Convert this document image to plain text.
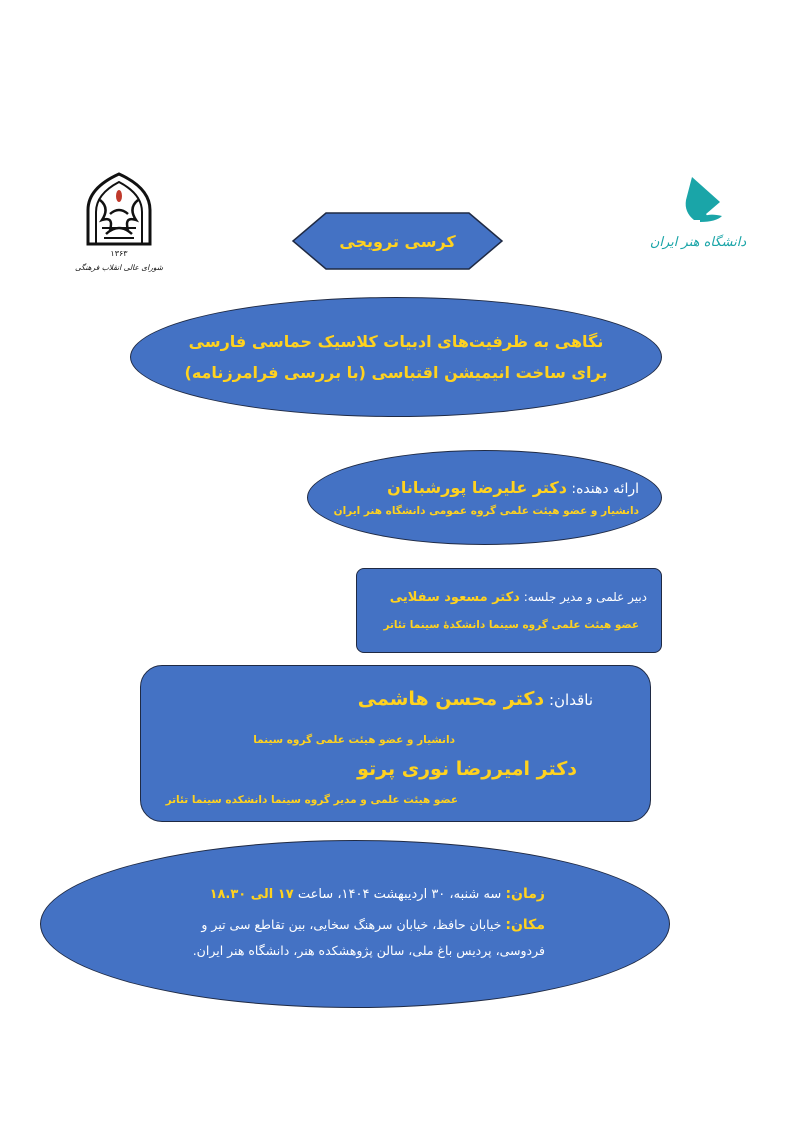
۱۳۶۳
شورای عالی انقلاب فرهنگی
دانشگاه هنر ایران
کرسی ترویجی
نگاهی به ظرفیت‌های ادبیات کلاسیک حماسی فارسی
برای ساخت انیمیشن اقتباسی (با بررسی فرامرزنامه)
ارائه دهنده: دکتر علیرضا پورشبانان
دانشیار و عضو هیئت علمی گروه عمومی دانشگاه هنر ایران
دبیر علمی و مدیر جلسه: دکتر مسعود سفلایی
عضو هیئت علمی گروه سینما دانشکدهٔ سینما تئاتر
ناقدان: دکتر محسن هاشمی
دانشیار و عضو هیئت علمی گروه سینما
دکتر امیررضا نوری پرتو
عضو هیئت علمی و مدیر گروه سینما دانشکده سینما تئاتر
زمان: سه شنبه، ۳۰ اردیبهشت ۱۴۰۴، ساعت ۱۷ الی ۱۸.۳۰
مکان: خیابان حافظ، خیابان سرهنگ سخایی، بین تقاطع سی تیر و
فردوسی، پردیس باغ ملی، سالن پژوهشکده هنر، دانشگاه هنر ایران.
